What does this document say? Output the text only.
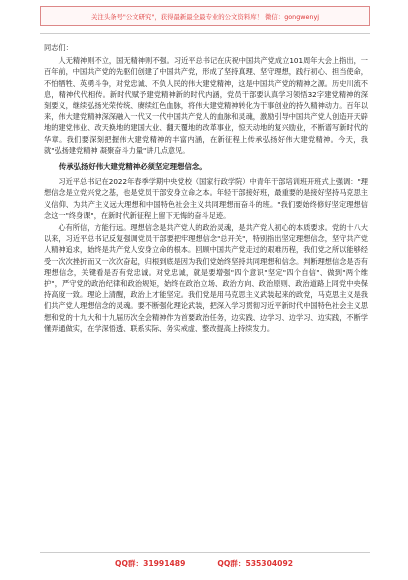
关注头条号"公文研究"，获得最新最全最专业的公文资料库！ 微信：gongwenyj

同志们：

人无精神则不立，国无精神则不强。习近平总书记在庆祝中国共产党成立101周年大会上指出，一百年前，中国共产党的先驱们创建了中国共产党，形成了坚持真理、坚守理想，践行初心、担当使命，不怕牺牲、英勇斗争，对党忠诚、不负人民的伟大建党精神，这是中国共产党的精神之源。历史川流不息，精神代代相传。新时代赋予建党精神新的时代内涵，党员干部要认真学习领悟32字建党精神的深刻要义，继续弘扬光荣传统、赓续红色血脉，将伟大建党精神转化为干事创业的持久精神动力。百年以来，伟大建党精神深深融入一代又一代中国共产党人的血脉和灵魂，激励引导中国共产党人创造开天辟地的建党伟业、改天换地的建国大业、翻天覆地的改革事业，惊天动地的复兴励业，不断谱写新时代的华章。我们要深刻把握伟大建党精神的丰富内涵，在新征程上传承弘扬好伟大建党精神。今天，我就"弘扬建党精神 凝聚奋斗力量"讲几点意见。

传承弘扬好伟大建党精神必须坚定理想信念。

习近平总书记在2022年春季学期中央党校（国家行政学院）中青年干部培训班开班式上强调："理想信念是立党兴党之基，也是党员干部安身立命之本。年轻干部接好班，最重要的是接好坚持马克思主义信仰、为共产主义远大理想和中国特色社会主义共同理想而奋斗的班。"我们要始终修好坚定理想信念这一"终身课"，在新时代新征程上留下无悔的奋斗足迹。

心有所信，方能行远。理想信念是共产党人的政治灵魂，是共产党人初心的本质要求。党的十八大以来，习近平总书记反复强调党员干部要把牢理想信念"总开关"，特别指出坚定理想信念，坚守共产党人精神追求，始终是共产党人安身立命的根本。回顾中国共产党走过的艰难历程，我们党之所以能够经受一次次挫折而又一次次奋起，归根到底是因为我们党始终坚持共同理想和信念。判断理想信念是否有理想信念，关键看是否有党忠诚。对党忠诚，就是要增强"四个意识"坚定"四个自信"、做到"两个维护"，严守党的政治纪律和政治规矩，始终在政治立场、政治方向、政治原则、政治道路上同党中央保持高度一致。理论上清醒，政治上才能坚定。我们党是用马克思主义武装起来的政党，马克思主义是我们共产党人理想信念的灵魂。要不断强化理论武装，把深入学习贯彻习近平新时代中国特色社会主义思想和党的十九大和十九届历次全会精神作为首要政治任务，边实践、边学习、边学习、边实践，不断学懂弄通做实，在学深悟透、联系实际、务实戒虚、整改提高上持续发力。

QQ群：31991489	QQ群：535304092
